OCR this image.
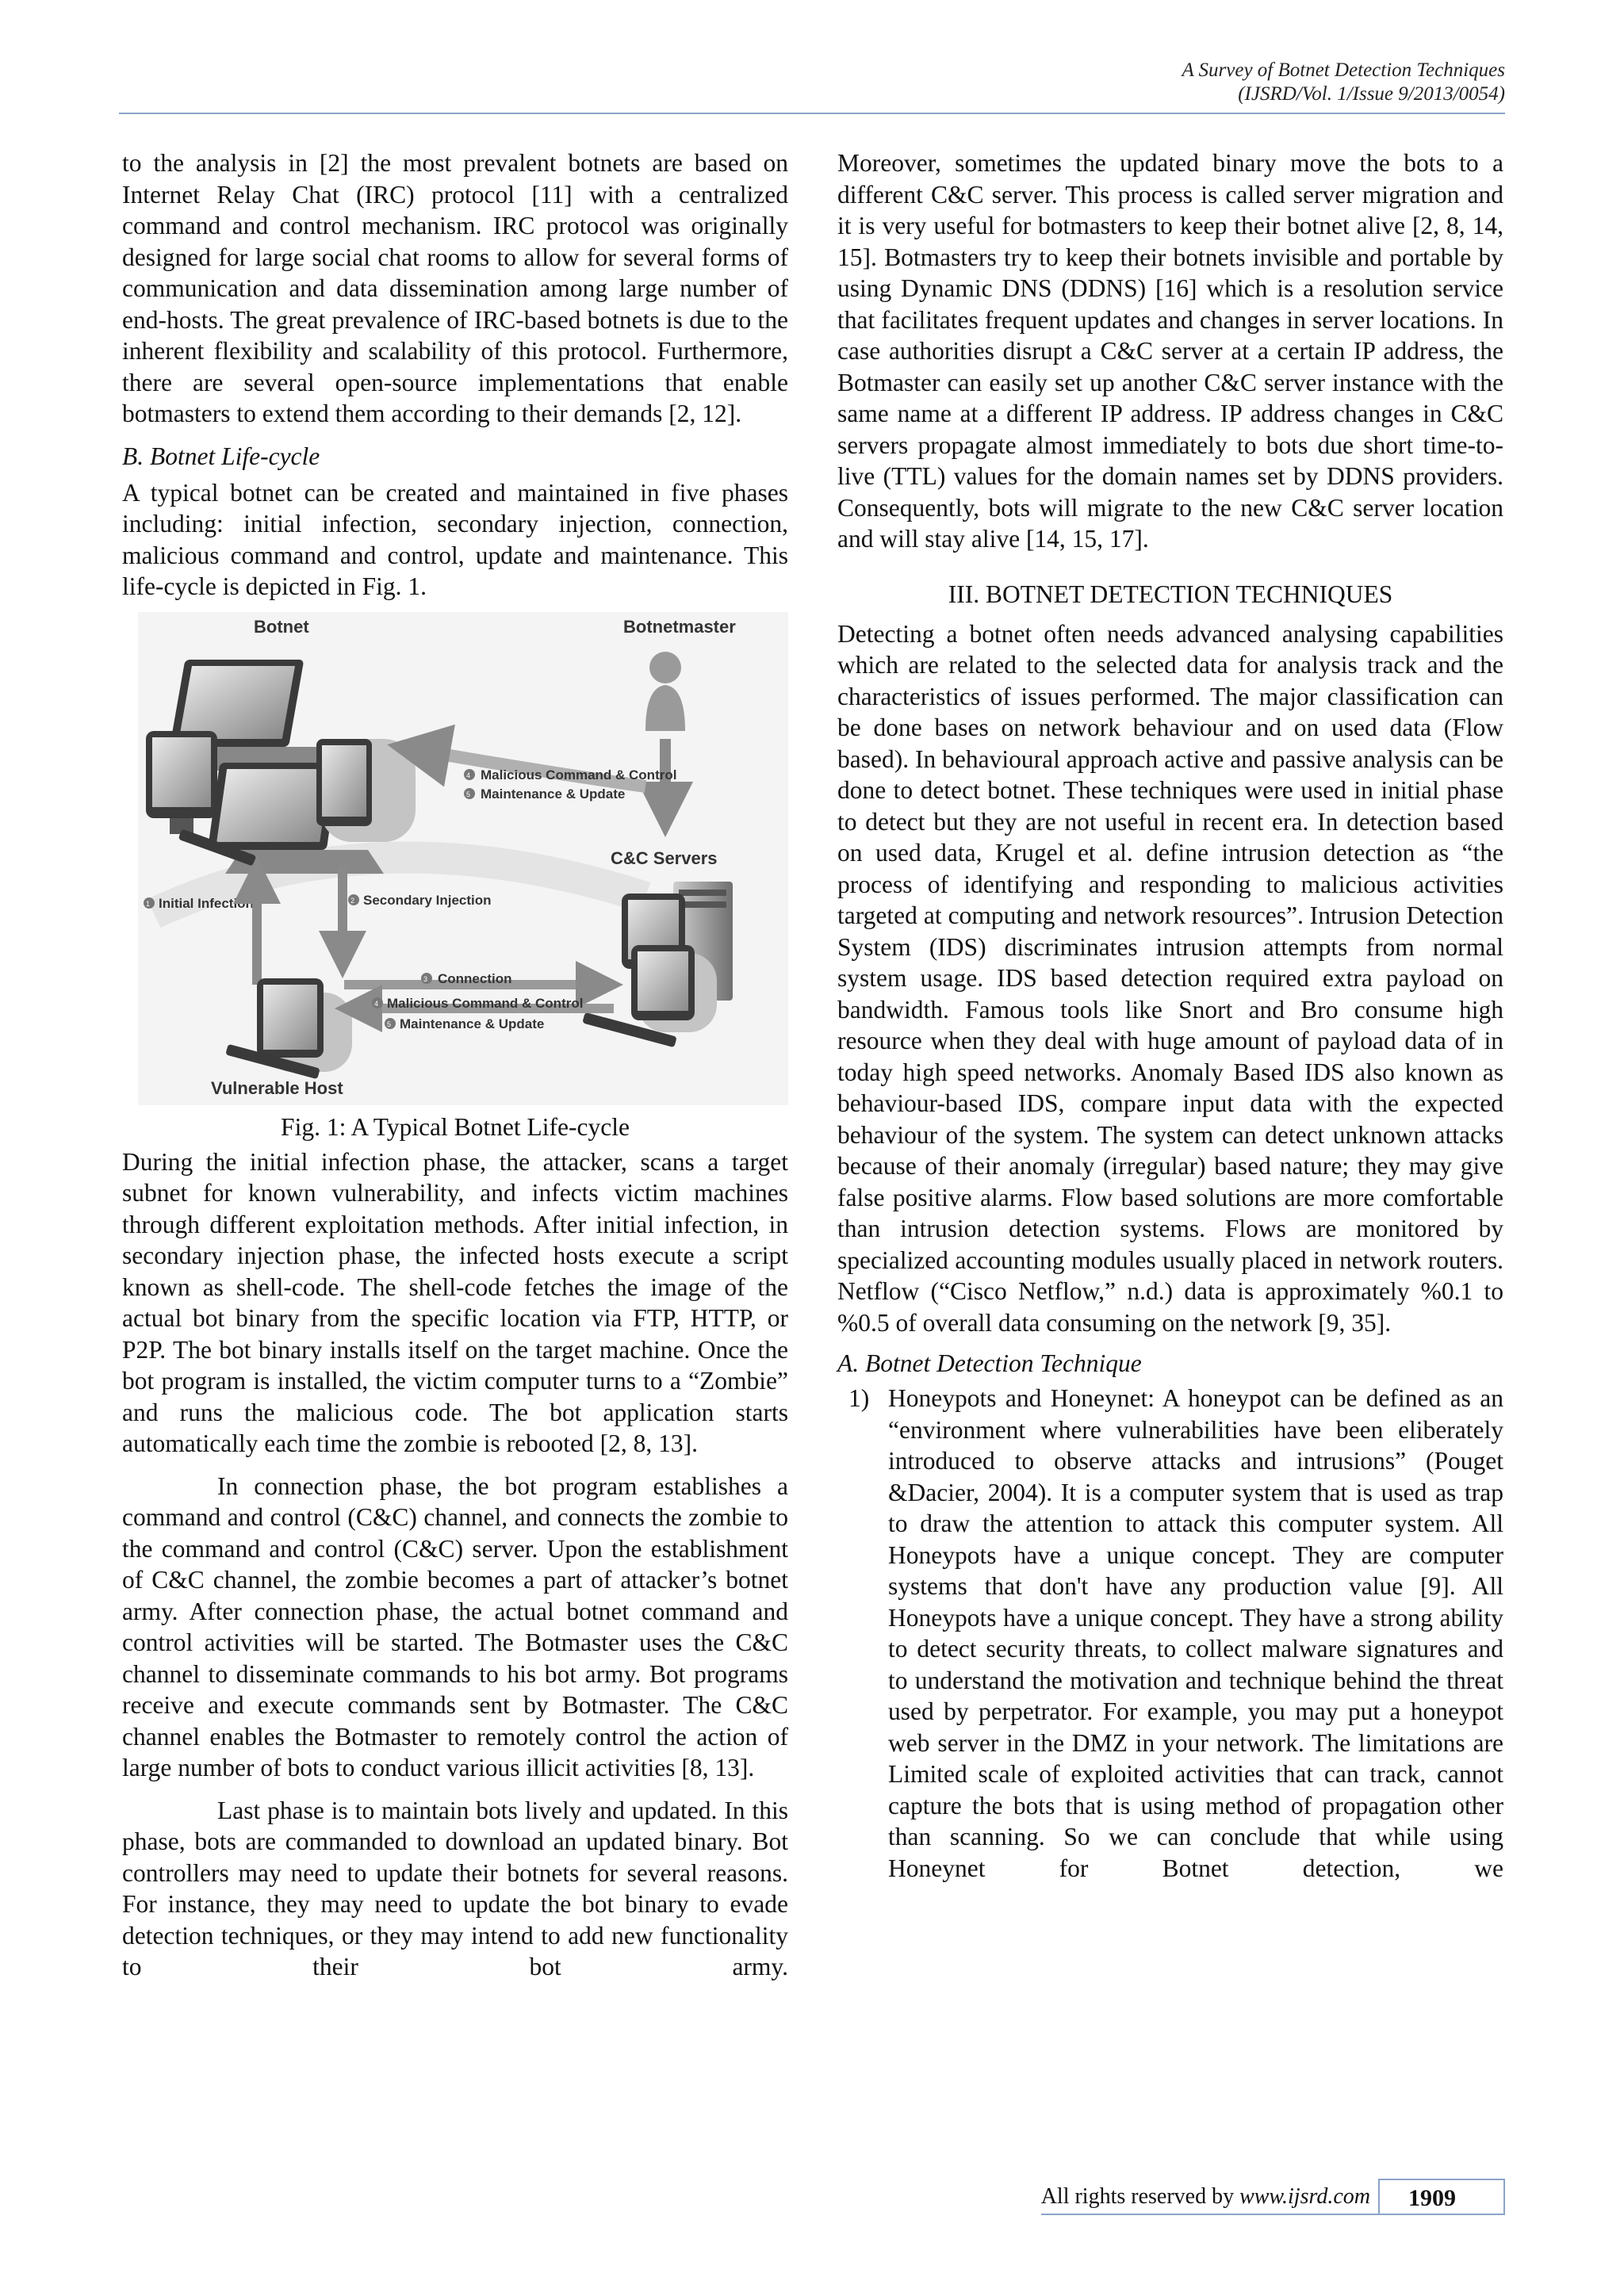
A Survey of Botnet Detection Techniques
(IJSRD/Vol. 1/Issue 9/2013/0054)

to the analysis in [2] the most prevalent botnets are based on Internet Relay Chat (IRC) protocol [11] with a centralized command and control mechanism. IRC protocol was originally designed for large social chat rooms to allow for several forms of communication and data dissemination among large number of end-hosts. The great prevalence of IRC-based botnets is due to the inherent flexibility and scalability of this protocol. Furthermore, there are several open-source implementations that enable botmasters to extend them according to their demands [2, 12].

B. Botnet Life-cycle

A typical botnet can be created and maintained in five phases including: initial infection, secondary injection, connection, malicious command and control, update and maintenance. This life-cycle is depicted in Fig. 1.

Botnet	Botnetmaster
4 Malicious Command & Control
5 Maintenance & Update
C&C Servers
1 Initial Infection	2 Secondary Injection
Vulnerable Host
3 Connection
4 Malicious Command & Control
5 Maintenance & Update

Fig. 1: A Typical Botnet Life-cycle

During the initial infection phase, the attacker, scans a target subnet for known vulnerability, and infects victim machines through different exploitation methods. After initial infection, in secondary injection phase, the infected hosts execute a script known as shell-code. The shell-code fetches the image of the actual bot binary from the specific location via FTP, HTTP, or P2P. The bot binary installs itself on the target machine. Once the bot program is installed, the victim computer turns to a “Zombie” and runs the malicious code. The bot application starts automatically each time the zombie is rebooted [2, 8, 13].

In connection phase, the bot program establishes a command and control (C&C) channel, and connects the zombie to the command and control (C&C) server. Upon the establishment of C&C channel, the zombie becomes a part of attacker’s botnet army. After connection phase, the actual botnet command and control activities will be started. The Botmaster uses the C&C channel to disseminate commands to his bot army. Bot programs receive and execute commands sent by Botmaster. The C&C channel enables the Botmaster to remotely control the action of large number of bots to conduct various illicit activities [8, 13].

Last phase is to maintain bots lively and updated. In this phase, bots are commanded to download an updated binary. Bot controllers may need to update their botnets for several reasons. For instance, they may need to update the bot binary to evade detection techniques, or they may intend to add new functionality to their bot army.

Moreover, sometimes the updated binary move the bots to a different C&C server. This process is called server migration and it is very useful for botmasters to keep their botnet alive [2, 8, 14, 15]. Botmasters try to keep their botnets invisible and portable by using Dynamic DNS (DDNS) [16] which is a resolution service that facilitates frequent updates and changes in server locations. In case authorities disrupt a C&C server at a certain IP address, the Botmaster can easily set up another C&C server instance with the same name at a different IP address. IP address changes in C&C servers propagate almost immediately to bots due short time-to-live (TTL) values for the domain names set by DDNS providers. Consequently, bots will migrate to the new C&C server location and will stay alive [14, 15, 17].

III. BOTNET DETECTION TECHNIQUES

Detecting a botnet often needs advanced analysing capabilities which are related to the selected data for analysis track and the characteristics of issues performed. The major classification can be done bases on network behaviour and on used data (Flow based). In behavioural approach active and passive analysis can be done to detect botnet. These techniques were used in initial phase to detect but they are not useful in recent era. In detection based on used data, Krugel et al. define intrusion detection as “the process of identifying and responding to malicious activities targeted at computing and network resources”. Intrusion Detection System (IDS) discriminates intrusion attempts from normal system usage. IDS based detection required extra payload on bandwidth. Famous tools like Snort and Bro consume high resource when they deal with huge amount of payload data of in today high speed networks. Anomaly Based IDS also known as behaviour-based IDS, compare input data with the expected behaviour of the system. The system can detect unknown attacks because of their anomaly (irregular) based nature; they may give false positive alarms. Flow based solutions are more comfortable than intrusion detection systems. Flows are monitored by specialized accounting modules usually placed in network routers. Netflow (“Cisco Netflow,” n.d.) data is approximately %0.1 to %0.5 of overall data consuming on the network [9, 35].

A. Botnet Detection Technique

1) Honeypots and Honeynet: A honeypot can be defined as an “environment where vulnerabilities have been eliberately introduced to observe attacks and intrusions” (Pouget &Dacier, 2004). It is a computer system that is used as trap to draw the attention to attack this computer system. All Honeypots have a unique concept. They are computer systems that don't have any production value [9]. All Honeypots have a unique concept. They have a strong ability to detect security threats, to collect malware signatures and to understand the motivation and technique behind the threat used by perpetrator. For example, you may put a honeypot web server in the DMZ in your network. The limitations are Limited scale of exploited activities that can track, cannot capture the bots that is using method of propagation other than scanning. So we can conclude that while using Honeynet for Botnet detection, we

All rights reserved by www.ijsrd.com	1909
